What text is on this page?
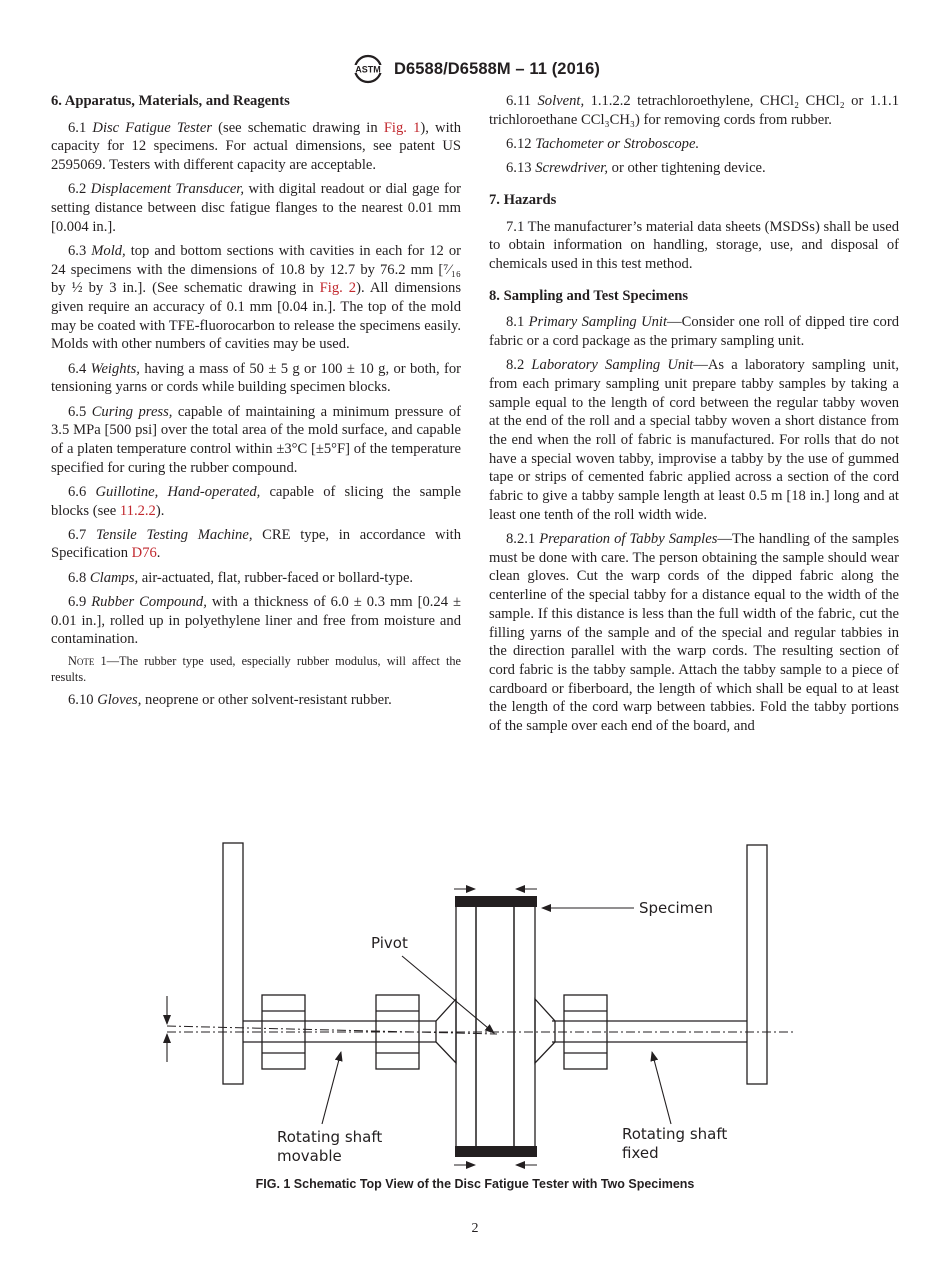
ASTM D6588/D6588M – 11 (2016)
6. Apparatus, Materials, and Reagents

6.1 Disc Fatigue Tester (see schematic drawing in Fig. 1), with capacity for 12 specimens. For actual dimensions, see patent US 2595069. Testers with different capacity are acceptable.

6.2 Displacement Transducer, with digital readout or dial gage for setting distance between disc fatigue flanges to the nearest 0.01 mm [0.004 in.].

6.3 Mold, top and bottom sections with cavities in each for 12 or 24 specimens with the dimensions of 10.8 by 12.7 by 76.2 mm [⁷⁄₁₆ by ½ by 3 in.]. (See schematic drawing in Fig. 2). All dimensions given require an accuracy of 0.1 mm [0.04 in.]. The top of the mold may be coated with TFE-fluorocarbon to release the specimens easily. Molds with other numbers of cavities may be used.

6.4 Weights, having a mass of 50 ± 5 g or 100 ± 10 g, or both, for tensioning yarns or cords while building specimen blocks.

6.5 Curing press, capable of maintaining a minimum pressure of 3.5 MPa [500 psi] over the total area of the mold surface, and capable of a platen temperature control within ±3°C [±5°F] of the temperature specified for curing the rubber compound.

6.6 Guillotine, Hand-operated, capable of slicing the sample blocks (see 11.2.2).

6.7 Tensile Testing Machine, CRE type, in accordance with Specification D76.

6.8 Clamps, air-actuated, flat, rubber-faced or bollard-type.

6.9 Rubber Compound, with a thickness of 6.0 ± 0.3 mm [0.24 ± 0.01 in.], rolled up in polyethylene liner and free from moisture and contamination.

Note 1—The rubber type used, especially rubber modulus, will affect the results.

6.10 Gloves, neoprene or other solvent-resistant rubber.

6.11 Solvent, 1.1.2.2 tetrachloroethylene, CHCl₂ CHCl₂ or 1.1.1 trichloroethane CCl₃CH₃) for removing cords from rubber.

6.12 Tachometer or Stroboscope.

6.13 Screwdriver, or other tightening device.

7. Hazards

7.1 The manufacturer’s material data sheets (MSDSs) shall be used to obtain information on handling, storage, use, and disposal of chemicals used in this test method.

8. Sampling and Test Specimens

8.1 Primary Sampling Unit—Consider one roll of dipped tire cord fabric or a cord package as the primary sampling unit.

8.2 Laboratory Sampling Unit—As a laboratory sampling unit, from each primary sampling unit prepare tabby samples by taking a sample equal to the length of cord between the regular tabby woven at the end of the roll and a special tabby woven a short distance from the end when the roll of fabric is manufactured. For rolls that do not have a special woven tabby, improvise a tabby by the use of gummed tape or strips of cemented fabric applied across a section of the cord fabric to give a tabby sample length at least 0.5 m [18 in.] long and at least one tenth of the roll width wide.

8.2.1 Preparation of Tabby Samples—The handling of the samples must be done with care. The person obtaining the sample should wear clean gloves. Cut the warp cords of the dipped fabric along the centerline of the special tabby for a distance equal to the width of the sample. If this distance is less than the full width of the fabric, cut the filling yarns of the sample and of the special and regular tabbies in the direction parallel with the warp cords. The resulting section of cord fabric is the tabby sample. Attach the tabby sample to a piece of cardboard or fiberboard, the length of which shall be equal to at least the length of the cord warp between tabbies. Fold the tabby portions of the sample over each end of the board, and

Specimen
Pivot
Rotating shaft
movable
Rotating shaft
fixed
FIG. 1 Schematic Top View of the Disc Fatigue Tester with Two Specimens
2
